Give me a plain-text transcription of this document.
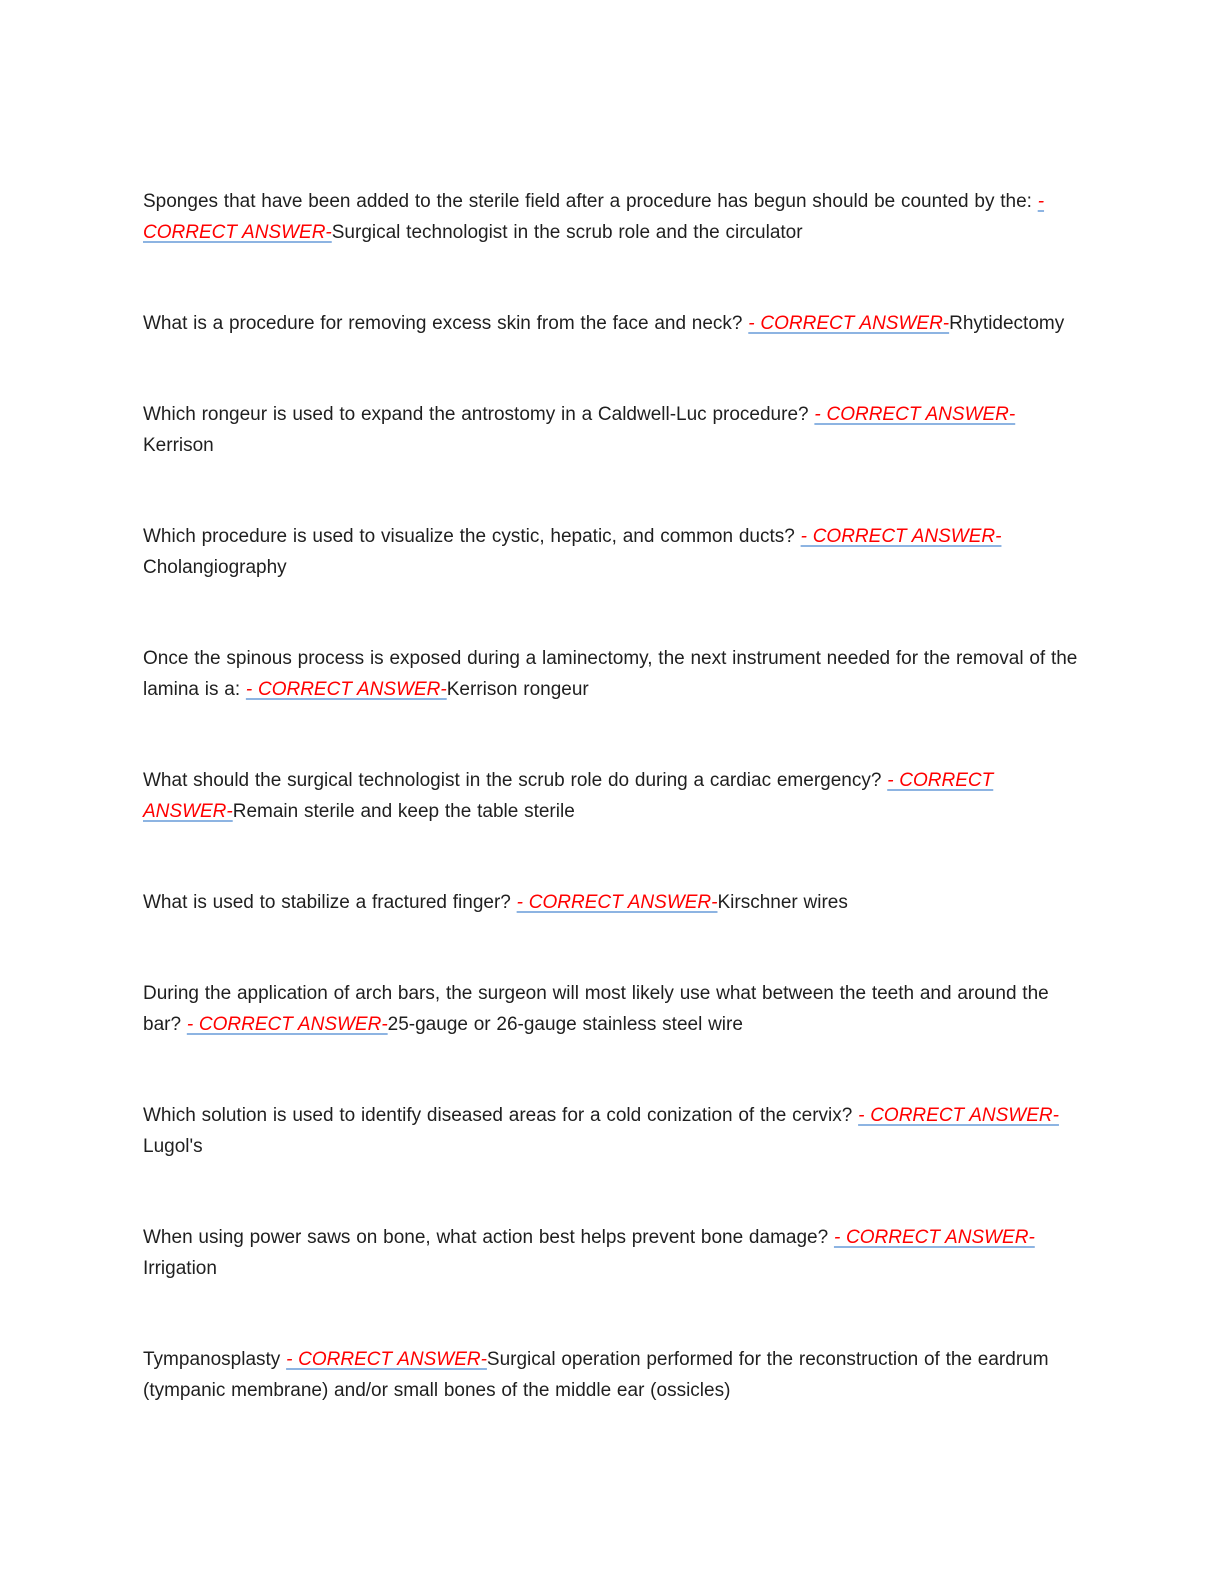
Sponges that have been added to the sterile field after a procedure has begun should be counted by the: - CORRECT ANSWER-Surgical technologist in the scrub role and the circulator

What is a procedure for removing excess skin from the face and neck? - CORRECT ANSWER-Rhytidectomy

Which rongeur is used to expand the antrostomy in a Caldwell-Luc procedure? - CORRECT ANSWER-Kerrison

Which procedure is used to visualize the cystic, hepatic, and common ducts? - CORRECT ANSWER-Cholangiography

Once the spinous process is exposed during a laminectomy, the next instrument needed for the removal of the lamina is a: - CORRECT ANSWER-Kerrison rongeur

What should the surgical technologist in the scrub role do during a cardiac emergency? - CORRECT ANSWER-Remain sterile and keep the table sterile

What is used to stabilize a fractured finger? - CORRECT ANSWER-Kirschner wires

During the application of arch bars, the surgeon will most likely use what between the teeth and around the bar? - CORRECT ANSWER-25-gauge or 26-gauge stainless steel wire

Which solution is used to identify diseased areas for a cold conization of the cervix? - CORRECT ANSWER-Lugol's

When using power saws on bone, what action best helps prevent bone damage? - CORRECT ANSWER-Irrigation

Tympanosplasty - CORRECT ANSWER-Surgical operation performed for the reconstruction of the eardrum (tympanic membrane) and/or small bones of the middle ear (ossicles)
